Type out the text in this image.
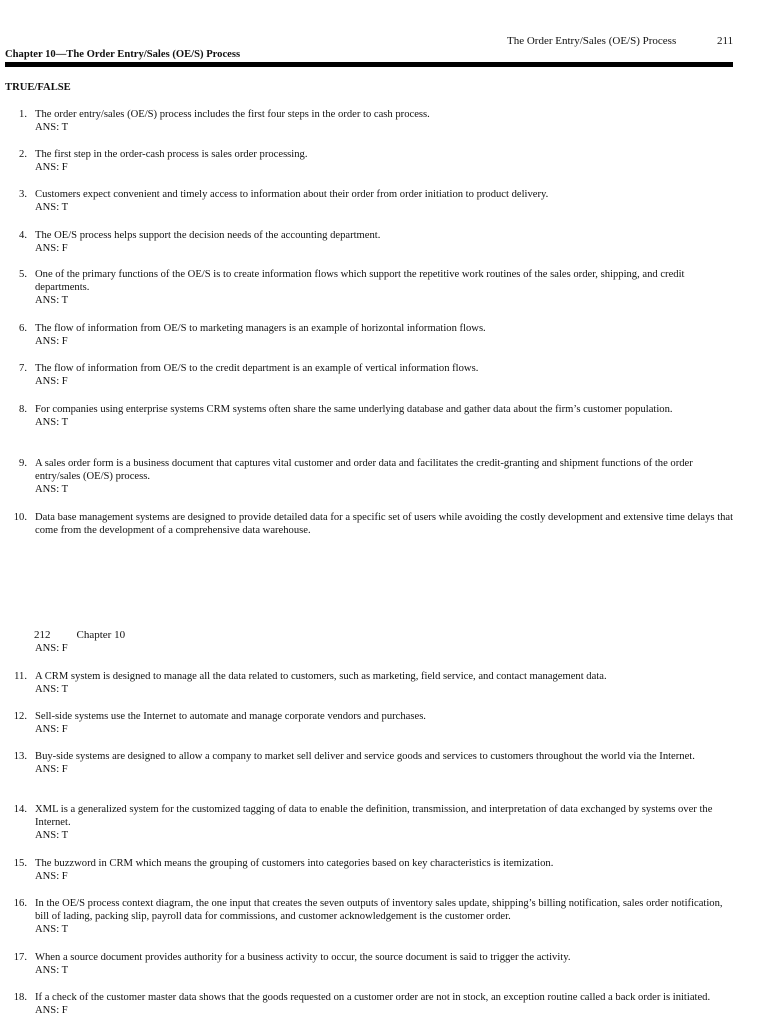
The Order Entry/Sales (OE/S) Process	211
Chapter 10—The Order Entry/Sales (OE/S) Process
TRUE/FALSE
1. The order entry/sales (OE/S) process includes the first four steps in the order to cash process.
ANS: T
2. The first step in the order-cash process is sales order processing.
ANS: F
3. Customers expect convenient and timely access to information about their order from order initiation to product delivery.
ANS: T
4. The OE/S process helps support the decision needs of the accounting department.
ANS: F
5. One of the primary functions of the OE/S is to create information flows which support the repetitive work routines of the sales order, shipping, and credit departments.
ANS: T
6. The flow of information from OE/S to marketing managers is an example of horizontal information flows.
ANS: F
7. The flow of information from OE/S to the credit department is an example of vertical information flows.
ANS: F
8. For companies using enterprise systems CRM systems often share the same underlying database and gather data about the firm’s customer population.
ANS: T
9. A sales order form is a business document that captures vital customer and order data and facilitates the credit-granting and shipment functions of the order entry/sales (OE/S) process.
ANS: T
10. Data base management systems are designed to provide detailed data for a specific set of users while avoiding the costly development and extensive time delays that come from the development of a comprehensive data warehouse.
212 Chapter 10
ANS: F
11. A CRM system is designed to manage all the data related to customers, such as marketing, field service, and contact management data.
ANS: T
12. Sell-side systems use the Internet to automate and manage corporate vendors and purchases.
ANS: F
13. Buy-side systems are designed to allow a company to market sell deliver and service goods and services to customers throughout the world via the Internet.
ANS: F
14. XML is a generalized system for the customized tagging of data to enable the definition, transmission, and interpretation of data exchanged by systems over the Internet.
ANS: T
15. The buzzword in CRM which means the grouping of customers into categories based on key characteristics is itemization.
ANS: F
16. In the OE/S process context diagram, the one input that creates the seven outputs of inventory sales update, shipping’s billing notification, sales order notification, bill of lading, packing slip, payroll data for commissions, and customer acknowledgement is the customer order.
ANS: T
17. When a source document provides authority for a business activity to occur, the source document is said to trigger the activity.
ANS: T
18. If a check of the customer master data shows that the goods requested on a customer order are not in stock, an exception routine called a back order is initiated.
ANS: F
